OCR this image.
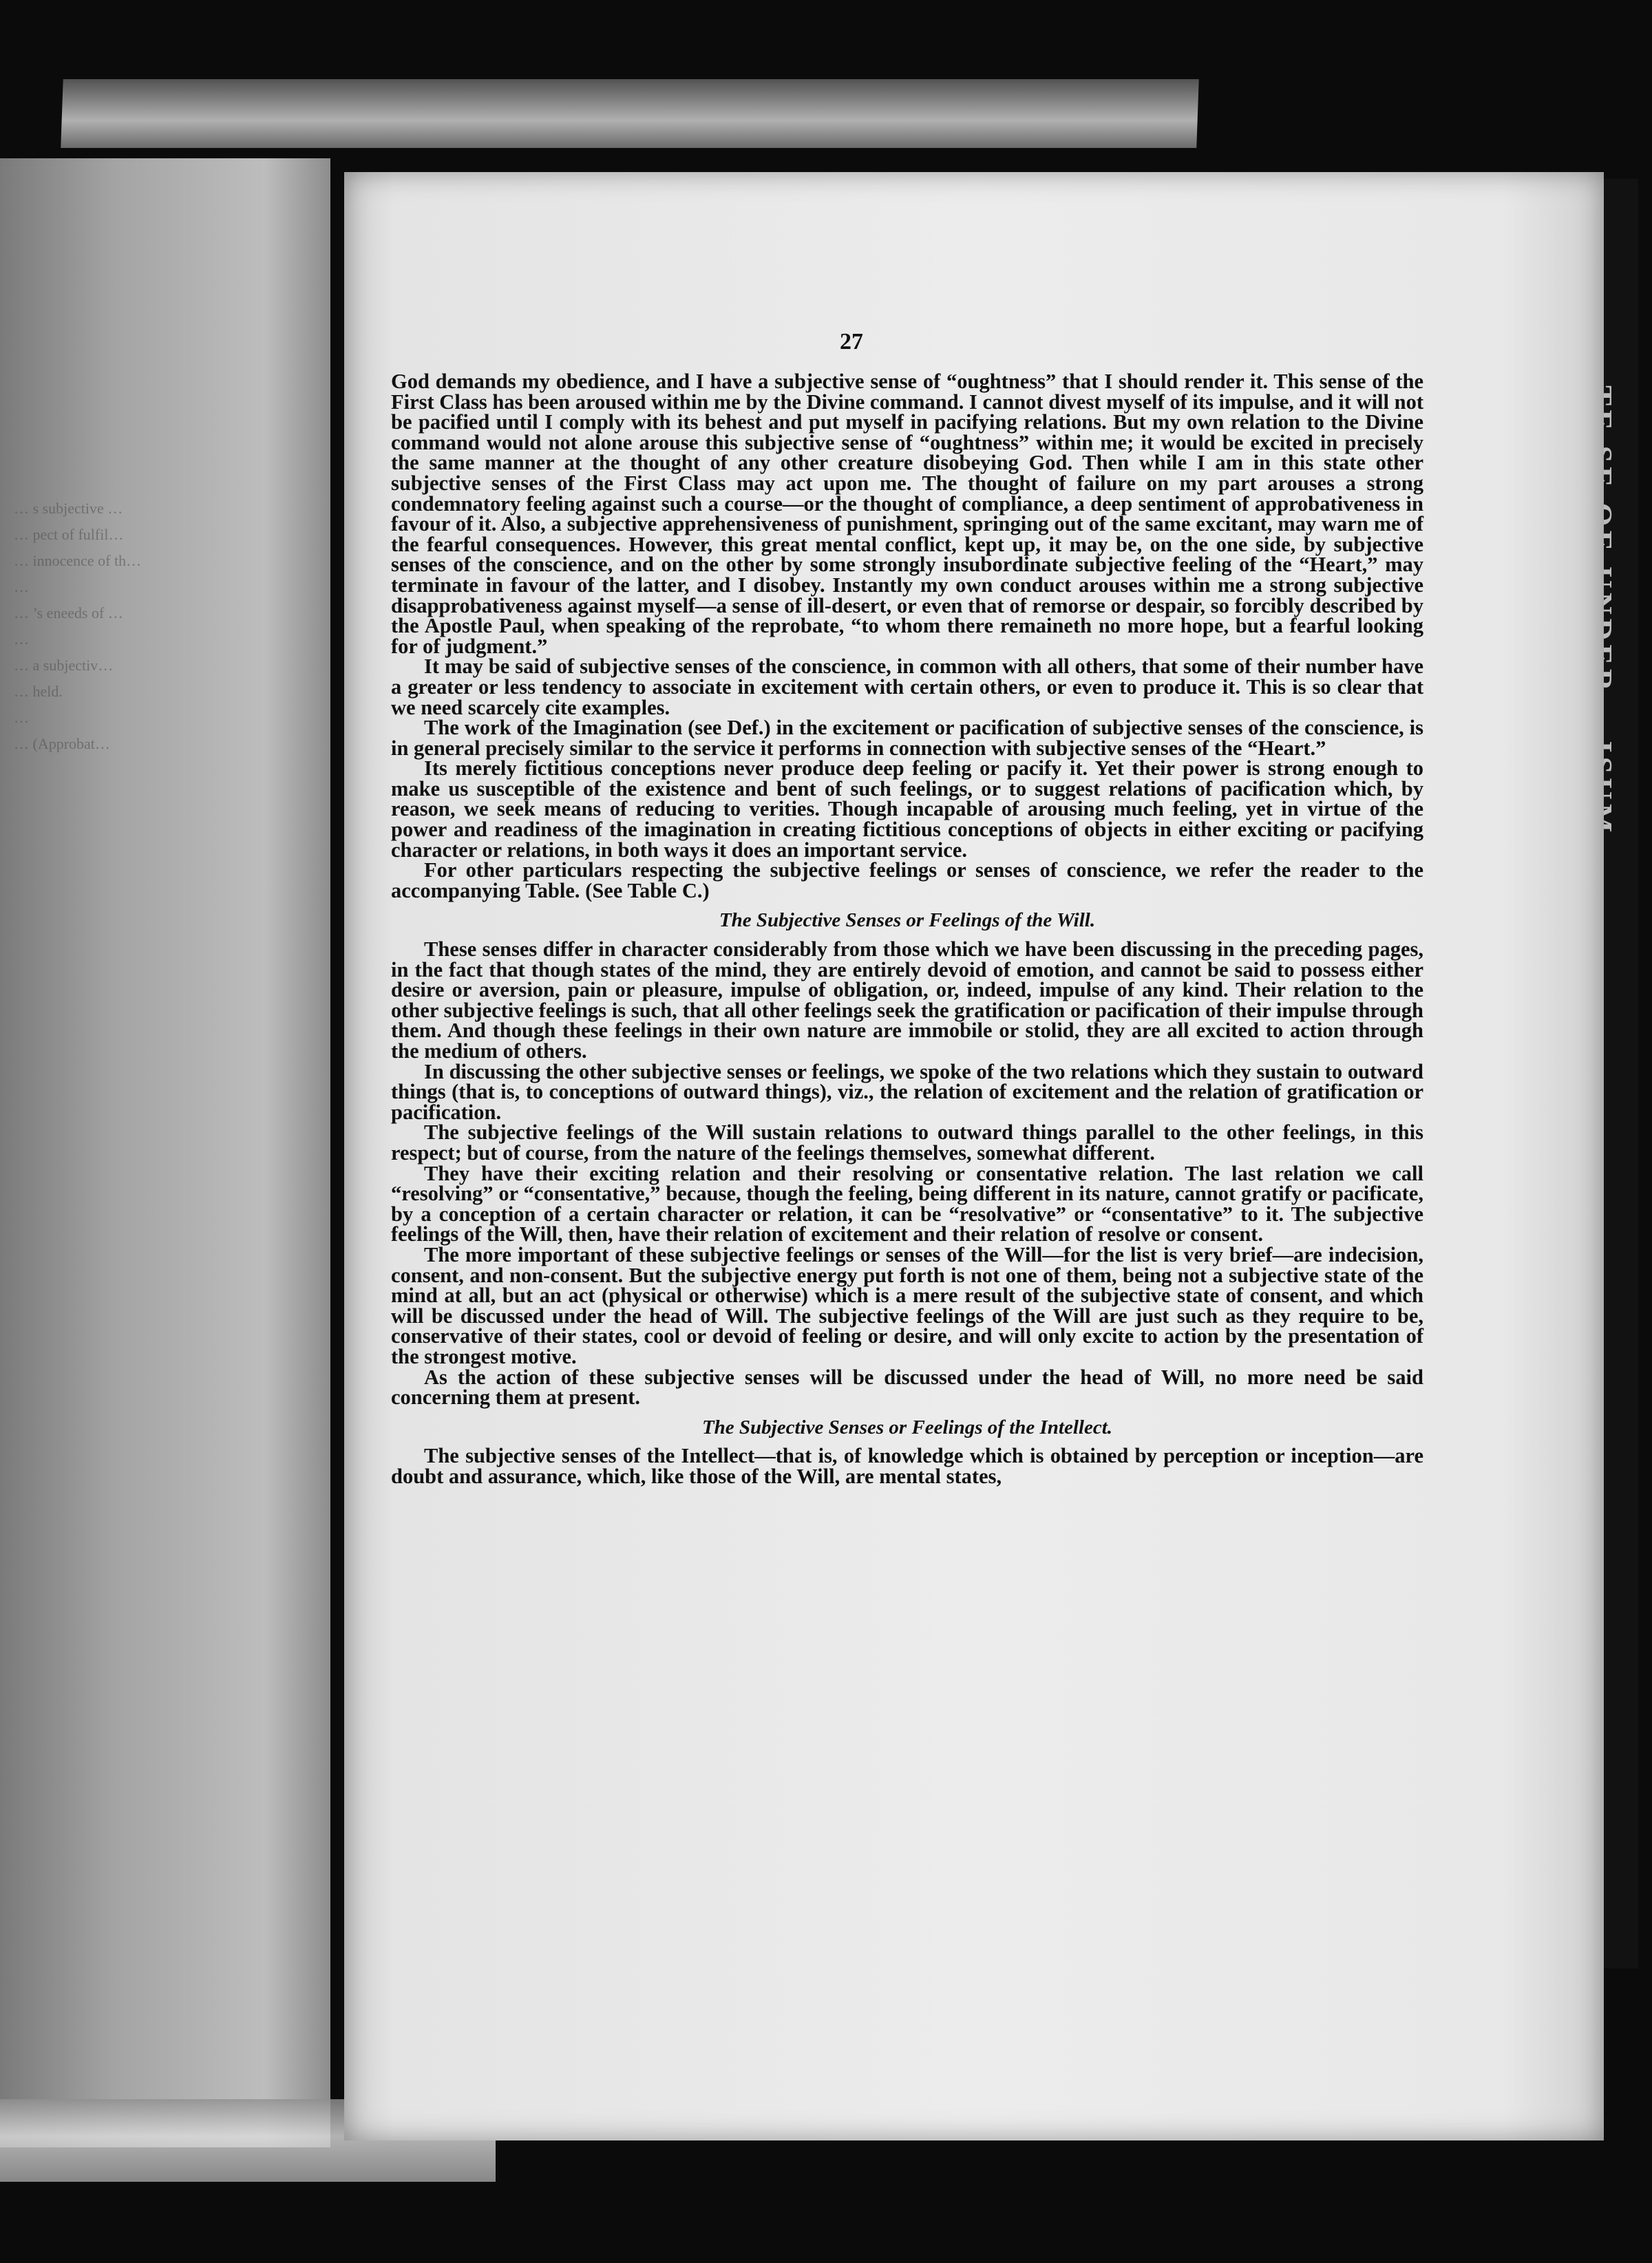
… s subjective …
… pect of fulfil…
… innocence of th…
…
… ’s eneeds of …
…
… a subjectiv…
… held.
…
… (Approbat…
27

God demands my obedience, and I have a subjective sense of “oughtness” that I should render it. This sense of the First Class has been aroused within me by the Divine command. I cannot divest myself of its impulse, and it will not be pacified until I comply with its behest and put myself in pacifying relations. But my own relation to the Divine command would not alone arouse this subjective sense of “oughtness” within me; it would be excited in precisely the same manner at the thought of any other creature disobeying God. Then while I am in this state other subjective senses of the First Class may act upon me. The thought of failure on my part arouses a strong condemnatory feeling against such a course—or the thought of compliance, a deep sentiment of approbativeness in favour of it. Also, a subjective apprehensiveness of punishment, springing out of the same excitant, may warn me of the fearful consequences. However, this great mental conflict, kept up, it may be, on the one side, by subjective senses of the conscience, and on the other by some strongly insubordinate subjective feeling of the “Heart,” may terminate in favour of the latter, and I disobey. Instantly my own conduct arouses within me a strong subjective disapprobativeness against myself—a sense of ill-desert, or even that of remorse or despair, so forcibly described by the Apostle Paul, when speaking of the reprobate, “to whom there remaineth no more hope, but a fearful looking for of judgment.”

It may be said of subjective senses of the conscience, in common with all others, that some of their number have a greater or less tendency to associate in excitement with certain others, or even to produce it. This is so clear that we need scarcely cite examples.

The work of the Imagination (see Def.) in the excitement or pacification of subjective senses of the conscience, is in general precisely similar to the service it performs in connection with subjective senses of the “Heart.”

Its merely fictitious conceptions never produce deep feeling or pacify it. Yet their power is strong enough to make us susceptible of the existence and bent of such feelings, or to suggest relations of pacification which, by reason, we seek means of reducing to verities. Though incapable of arousing much feeling, yet in virtue of the power and readiness of the imagination in creating fictitious conceptions of objects in either exciting or pacifying character or relations, in both ways it does an important service.

For other particulars respecting the subjective feelings or senses of conscience, we refer the reader to the accompanying Table. (See Table C.)

The Subjective Senses or Feelings of the Will.

These senses differ in character considerably from those which we have been discussing in the preceding pages, in the fact that though states of the mind, they are entirely devoid of emotion, and cannot be said to possess either desire or aversion, pain or pleasure, impulse of obligation, or, indeed, impulse of any kind. Their relation to the other subjective feelings is such, that all other feelings seek the gratification or pacification of their impulse through them. And though these feelings in their own nature are immobile or stolid, they are all excited to action through the medium of others.

In discussing the other subjective senses or feelings, we spoke of the two relations which they sustain to outward things (that is, to conceptions of outward things), viz., the relation of excitement and the relation of gratification or pacification.

The subjective feelings of the Will sustain relations to outward things parallel to the other feelings, in this respect; but of course, from the nature of the feelings themselves, somewhat different.

They have their exciting relation and their resolving or consentative relation. The last relation we call “resolving” or “consentative,” because, though the feeling, being different in its nature, cannot gratify or pacificate, by a conception of a certain character or relation, it can be “resolvative” or “consentative” to it. The subjective feelings of the Will, then, have their relation of excitement and their relation of resolve or consent.

The more important of these subjective feelings or senses of the Will—for the list is very brief—are indecision, consent, and non-consent. But the subjective energy put forth is not one of them, being not a subjective state of the mind at all, but an act (physical or otherwise) which is a mere result of the subjective state of consent, and which will be discussed under the head of Will. The subjective feelings of the Will are just such as they require to be, conservative of their states, cool or devoid of feeling or desire, and will only excite to action by the presentation of the strongest motive.

As the action of these subjective senses will be discussed under the head of Will, no more need be said concerning them at present.

The Subjective Senses or Feelings of the Intellect.

The subjective senses of the Intellect—that is, of knowledge which is obtained by perception or inception—are doubt and assurance, which, like those of the Will, are mental states,
